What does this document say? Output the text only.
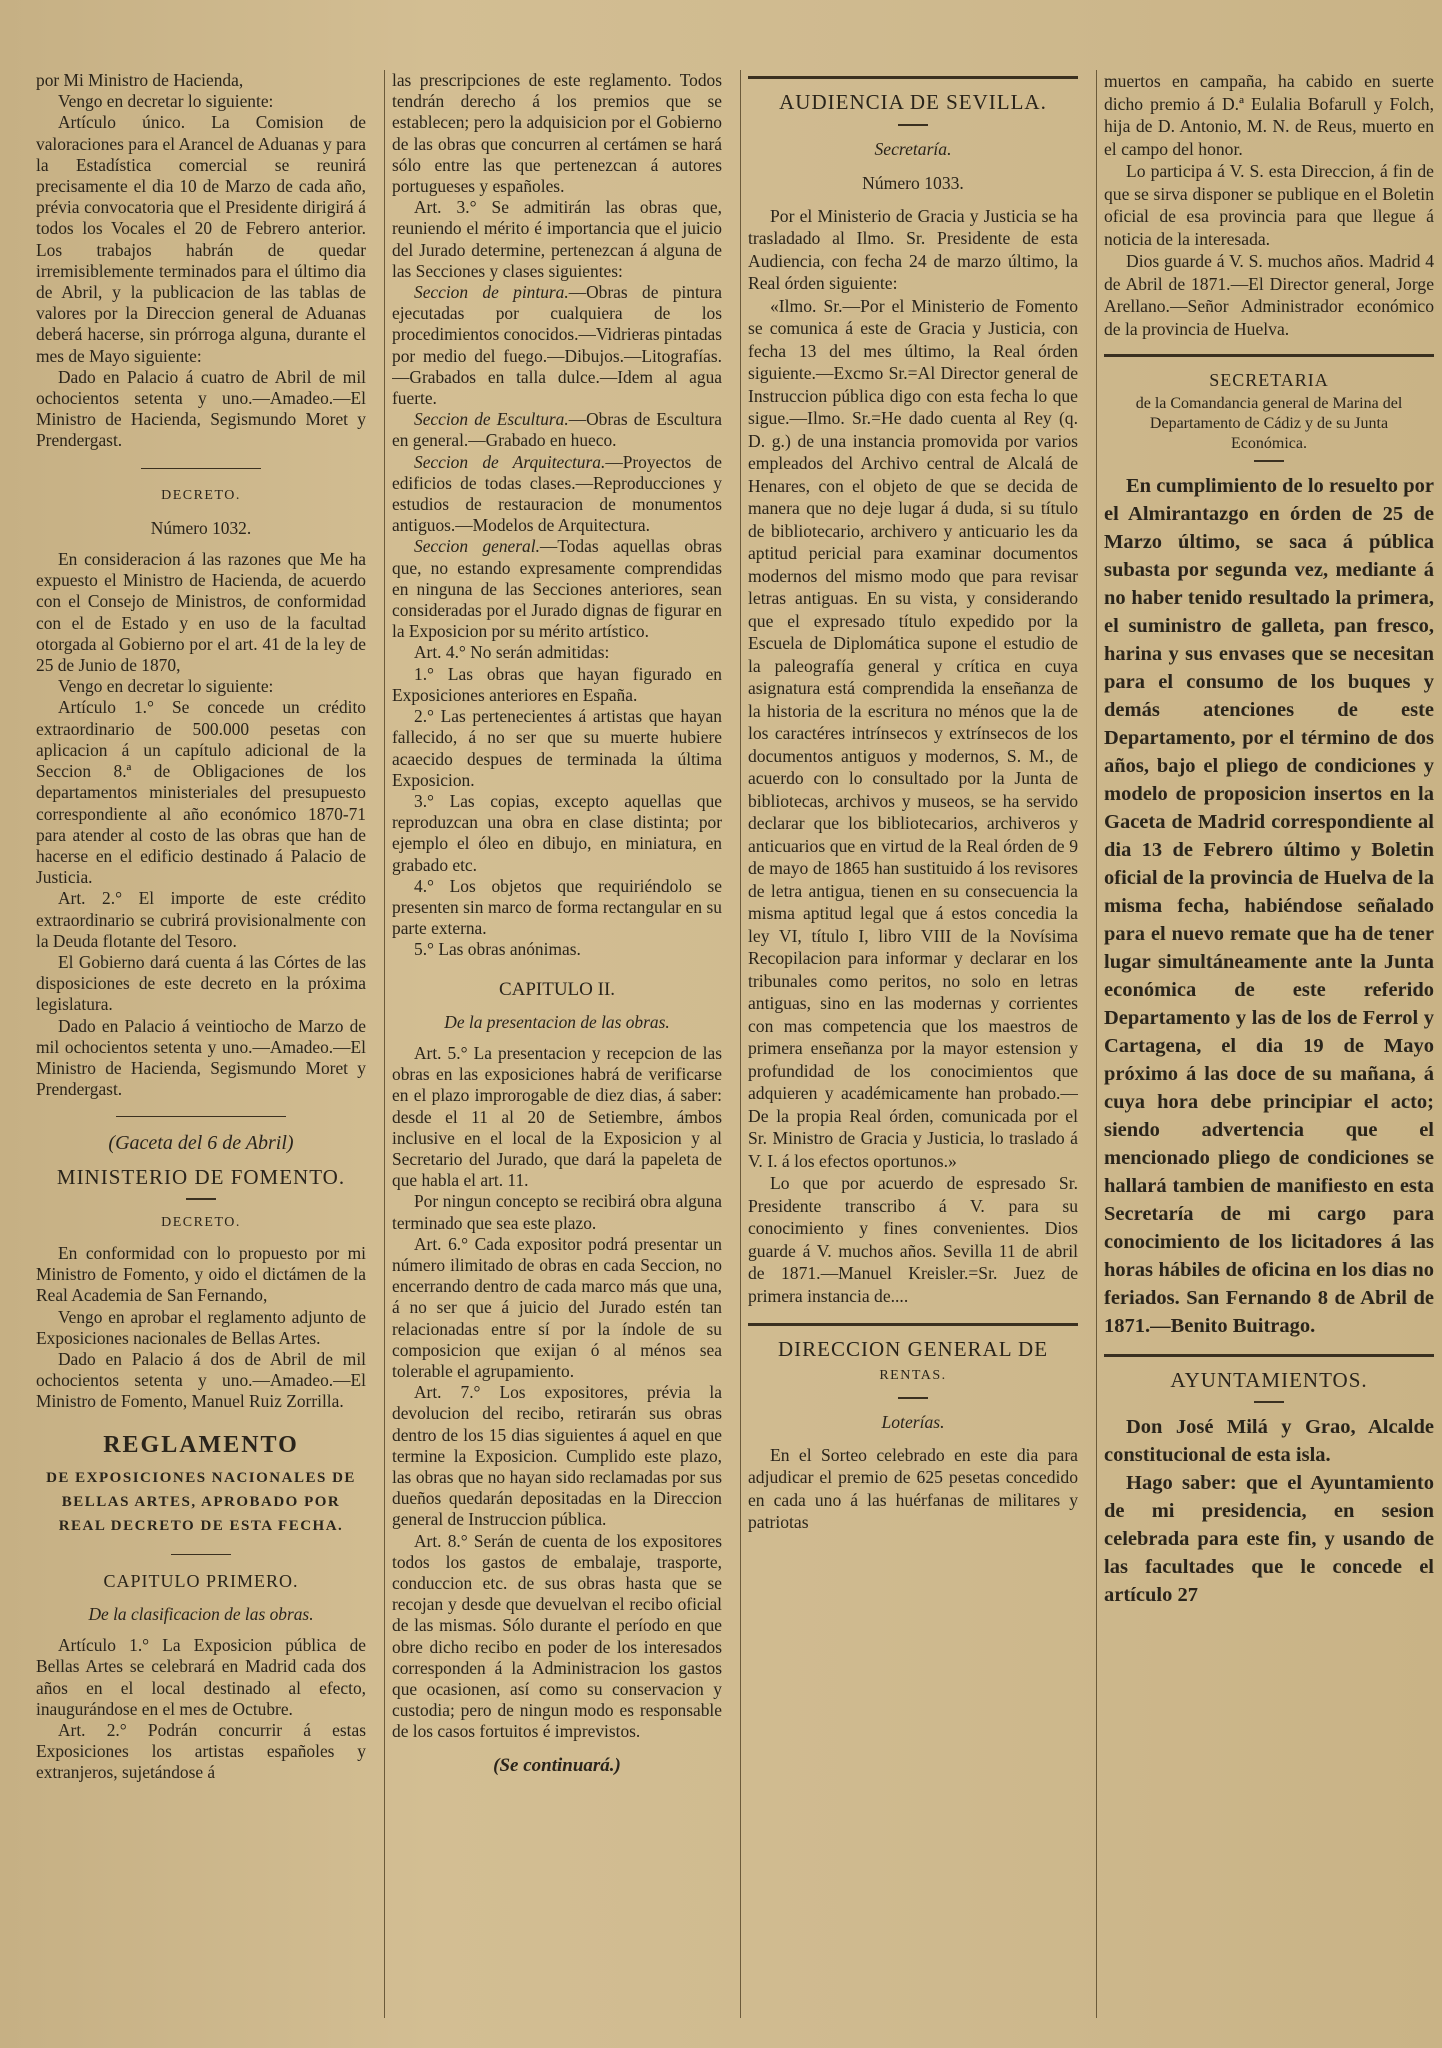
por Mi Ministro de Hacienda,

Vengo en decretar lo siguiente:

Artículo único. La Comision de valoraciones para el Arancel de Aduanas y para la Estadística comercial se reunirá precisamente el dia 10 de Marzo de cada año, prévia convocatoria que el Presidente dirigirá á todos los Vocales el 20 de Febrero anterior. Los trabajos habrán de quedar irremisiblemente terminados para el último dia de Abril, y la publicacion de las tablas de valores por la Direccion general de Aduanas deberá hacerse, sin prórroga alguna, durante el mes de Mayo siguiente:

Dado en Palacio á cuatro de Abril de mil ochocientos setenta y uno.—Amadeo.—El Ministro de Hacienda, Segismundo Moret y Prendergast.

DECRETO.

Número 1032.

En consideracion á las razones que Me ha expuesto el Ministro de Hacienda, de acuerdo con el Consejo de Ministros, de conformidad con el de Estado y en uso de la facultad otorgada al Gobierno por el art. 41 de la ley de 25 de Junio de 1870,

Vengo en decretar lo siguiente:

Artículo 1.° Se concede un crédito extraordinario de 500.000 pesetas con aplicacion á un capítulo adicional de la Seccion 8.ª de Obligaciones de los departamentos ministeriales del presupuesto correspondiente al año económico 1870-71 para atender al costo de las obras que han de hacerse en el edificio destinado á Palacio de Justicia.

Art. 2.° El importe de este crédito extraordinario se cubrirá provisionalmente con la Deuda flotante del Tesoro.

El Gobierno dará cuenta á las Córtes de las disposiciones de este decreto en la próxima legislatura.

Dado en Palacio á veintiocho de Marzo de mil ochocientos setenta y uno.—Amadeo.—El Ministro de Hacienda, Segismundo Moret y Prendergast.

(Gaceta del 6 de Abril)

MINISTERIO DE FOMENTO.

DECRETO.

En conformidad con lo propuesto por mi Ministro de Fomento, y oido el dictámen de la Real Academia de San Fernando,

Vengo en aprobar el reglamento adjunto de Exposiciones nacionales de Bellas Artes.

Dado en Palacio á dos de Abril de mil ochocientos setenta y uno.—Amadeo.—El Ministro de Fomento, Manuel Ruiz Zorrilla.

REGLAMENTO

DE EXPOSICIONES NACIONALES DE BELLAS ARTES, APROBADO POR REAL DECRETO DE ESTA FECHA.

CAPITULO PRIMERO.

De la clasificacion de las obras.

Artículo 1.° La Exposicion pública de Bellas Artes se celebrará en Madrid cada dos años en el local destinado al efecto, inaugurándose en el mes de Octubre.

Art. 2.° Podrán concurrir á estas Exposiciones los artistas españoles y extranjeros, sujetándose á

las prescripciones de este reglamento. Todos tendrán derecho á los premios que se establecen; pero la adquisicion por el Gobierno de las obras que concurren al certámen se hará sólo entre las que pertenezcan á autores portugueses y españoles.

Art. 3.° Se admitirán las obras que, reuniendo el mérito é importancia que el juicio del Jurado determine, pertenezcan á alguna de las Secciones y clases siguientes:

Seccion de pintura.—Obras de pintura ejecutadas por cualquiera de los procedimientos conocidos.—Vidrieras pintadas por medio del fuego.—Dibujos.—Litografías.—Grabados en talla dulce.—Idem al agua fuerte.

Seccion de Escultura.—Obras de Escultura en general.—Grabado en hueco.

Seccion de Arquitectura.—Proyectos de edificios de todas clases.—Reproducciones y estudios de restauracion de monumentos antiguos.—Modelos de Arquitectura.

Seccion general.—Todas aquellas obras que, no estando expresamente comprendidas en ninguna de las Secciones anteriores, sean consideradas por el Jurado dignas de figurar en la Exposicion por su mérito artístico.

Art. 4.° No serán admitidas:

1.° Las obras que hayan figurado en Exposiciones anteriores en España.

2.° Las pertenecientes á artistas que hayan fallecido, á no ser que su muerte hubiere acaecido despues de terminada la última Exposicion.

3.° Las copias, excepto aquellas que reproduzcan una obra en clase distinta; por ejemplo el óleo en dibujo, en miniatura, en grabado etc.

4.° Los objetos que requiriéndolo se presenten sin marco de forma rectangular en su parte externa.

5.° Las obras anónimas.

CAPITULO II.

De la presentacion de las obras.

Art. 5.° La presentacion y recepcion de las obras en las exposiciones habrá de verificarse en el plazo improrogable de diez dias, á saber: desde el 11 al 20 de Setiembre, ámbos inclusive en el local de la Exposicion y al Secretario del Jurado, que dará la papeleta de que habla el art. 11.

Por ningun concepto se recibirá obra alguna terminado que sea este plazo.

Art. 6.° Cada expositor podrá presentar un número ilimitado de obras en cada Seccion, no encerrando dentro de cada marco más que una, á no ser que á juicio del Jurado estén tan relacionadas entre sí por la índole de su composicion que exijan ó al ménos sea tolerable el agrupamiento.

Art. 7.° Los expositores, prévia la devolucion del recibo, retirarán sus obras dentro de los 15 dias siguientes á aquel en que termine la Exposicion. Cumplido este plazo, las obras que no hayan sido reclamadas por sus dueños quedarán depositadas en la Direccion general de Instruccion pública.

Art. 8.° Serán de cuenta de los expositores todos los gastos de embalaje, trasporte, conduccion etc. de sus obras hasta que se recojan y desde que devuelvan el recibo oficial de las mismas. Sólo durante el período en que obre dicho recibo en poder de los interesados corresponden á la Administracion los gastos que ocasionen, así como su conservacion y custodia; pero de ningun modo es responsable de los casos fortuitos é imprevistos.

(Se continuará.)

AUDIENCIA DE SEVILLA.

Secretaría.

Número 1033.

Por el Ministerio de Gracia y Justicia se ha trasladado al Ilmo. Sr. Presidente de esta Audiencia, con fecha 24 de marzo último, la Real órden siguiente:

«Ilmo. Sr.—Por el Ministerio de Fomento se comunica á este de Gracia y Justicia, con fecha 13 del mes último, la Real órden siguiente.—Excmo Sr.=Al Director general de Instruccion pública digo con esta fecha lo que sigue.—Ilmo. Sr.=He dado cuenta al Rey (q. D. g.) de una instancia promovida por varios empleados del Archivo central de Alcalá de Henares, con el objeto de que se decida de manera que no deje lugar á duda, si su título de bibliotecario, archivero y anticuario les da aptitud pericial para examinar documentos modernos del mismo modo que para revisar letras antiguas. En su vista, y considerando que el expresado título expedido por la Escuela de Diplomática supone el estudio de la paleografía general y crítica en cuya asignatura está comprendida la enseñanza de la historia de la escritura no ménos que la de los caractéres intrínsecos y extrínsecos de los documentos antiguos y modernos, S. M., de acuerdo con lo consultado por la Junta de bibliotecas, archivos y museos, se ha servido declarar que los bibliotecarios, archiveros y anticuarios que en virtud de la Real órden de 9 de mayo de 1865 han sustituido á los revisores de letra antigua, tienen en su consecuencia la misma aptitud legal que á estos concedia la ley VI, título I, libro VIII de la Novísima Recopilacion para informar y declarar en los tribunales como peritos, no solo en letras antiguas, sino en las modernas y corrientes con mas competencia que los maestros de primera enseñanza por la mayor estension y profundidad de los conocimientos que adquieren y académicamente han probado.—De la propia Real órden, comunicada por el Sr. Ministro de Gracia y Justicia, lo traslado á V. I. á los efectos oportunos.»

Lo que por acuerdo de espresado Sr. Presidente transcribo á V. para su conocimiento y fines convenientes. Dios guarde á V. muchos años. Sevilla 11 de abril de 1871.—Manuel Kreisler.=Sr. Juez de primera instancia de....

DIRECCION GENERAL DE

RENTAS.

Loterías.

En el Sorteo celebrado en este dia para adjudicar el premio de 625 pesetas concedido en cada uno á las huérfanas de militares y patriotas

muertos en campaña, ha cabido en suerte dicho premio á D.ª Eulalia Bofarull y Folch, hija de D. Antonio, M. N. de Reus, muerto en el campo del honor.

Lo participa á V. S. esta Direccion, á fin de que se sirva disponer se publique en el Boletin oficial de esa provincia para que llegue á noticia de la interesada.

Dios guarde á V. S. muchos años. Madrid 4 de Abril de 1871.—El Director general, Jorge Arellano.—Señor Administrador económico de la provincia de Huelva.

SECRETARIA

de la Comandancia general de Marina del Departamento de Cádiz y de su Junta Económica.

En cumplimiento de lo resuelto por el Almirantazgo en órden de 25 de Marzo último, se saca á pública subasta por segunda vez, mediante á no haber tenido resultado la primera, el suministro de galleta, pan fresco, harina y sus envases que se necesitan para el consumo de los buques y demás atenciones de este Departamento, por el término de dos años, bajo el pliego de condiciones y modelo de proposicion insertos en la Gaceta de Madrid correspondiente al dia 13 de Febrero último y Boletin oficial de la provincia de Huelva de la misma fecha, habiéndose señalado para el nuevo remate que ha de tener lugar simultáneamente ante la Junta económica de este referido Departamento y las de los de Ferrol y Cartagena, el dia 19 de Mayo próximo á las doce de su mañana, á cuya hora debe principiar el acto; siendo advertencia que el mencionado pliego de condiciones se hallará tambien de manifiesto en esta Secretaría de mi cargo para conocimiento de los licitadores á las horas hábiles de oficina en los dias no feriados. San Fernando 8 de Abril de 1871.—Benito Buitrago.

AYUNTAMIENTOS.

Don José Milá y Grao, Alcalde constitucional de esta isla.

Hago saber: que el Ayuntamiento de mi presidencia, en sesion celebrada para este fin, y usando de las facultades que le concede el artículo 27
